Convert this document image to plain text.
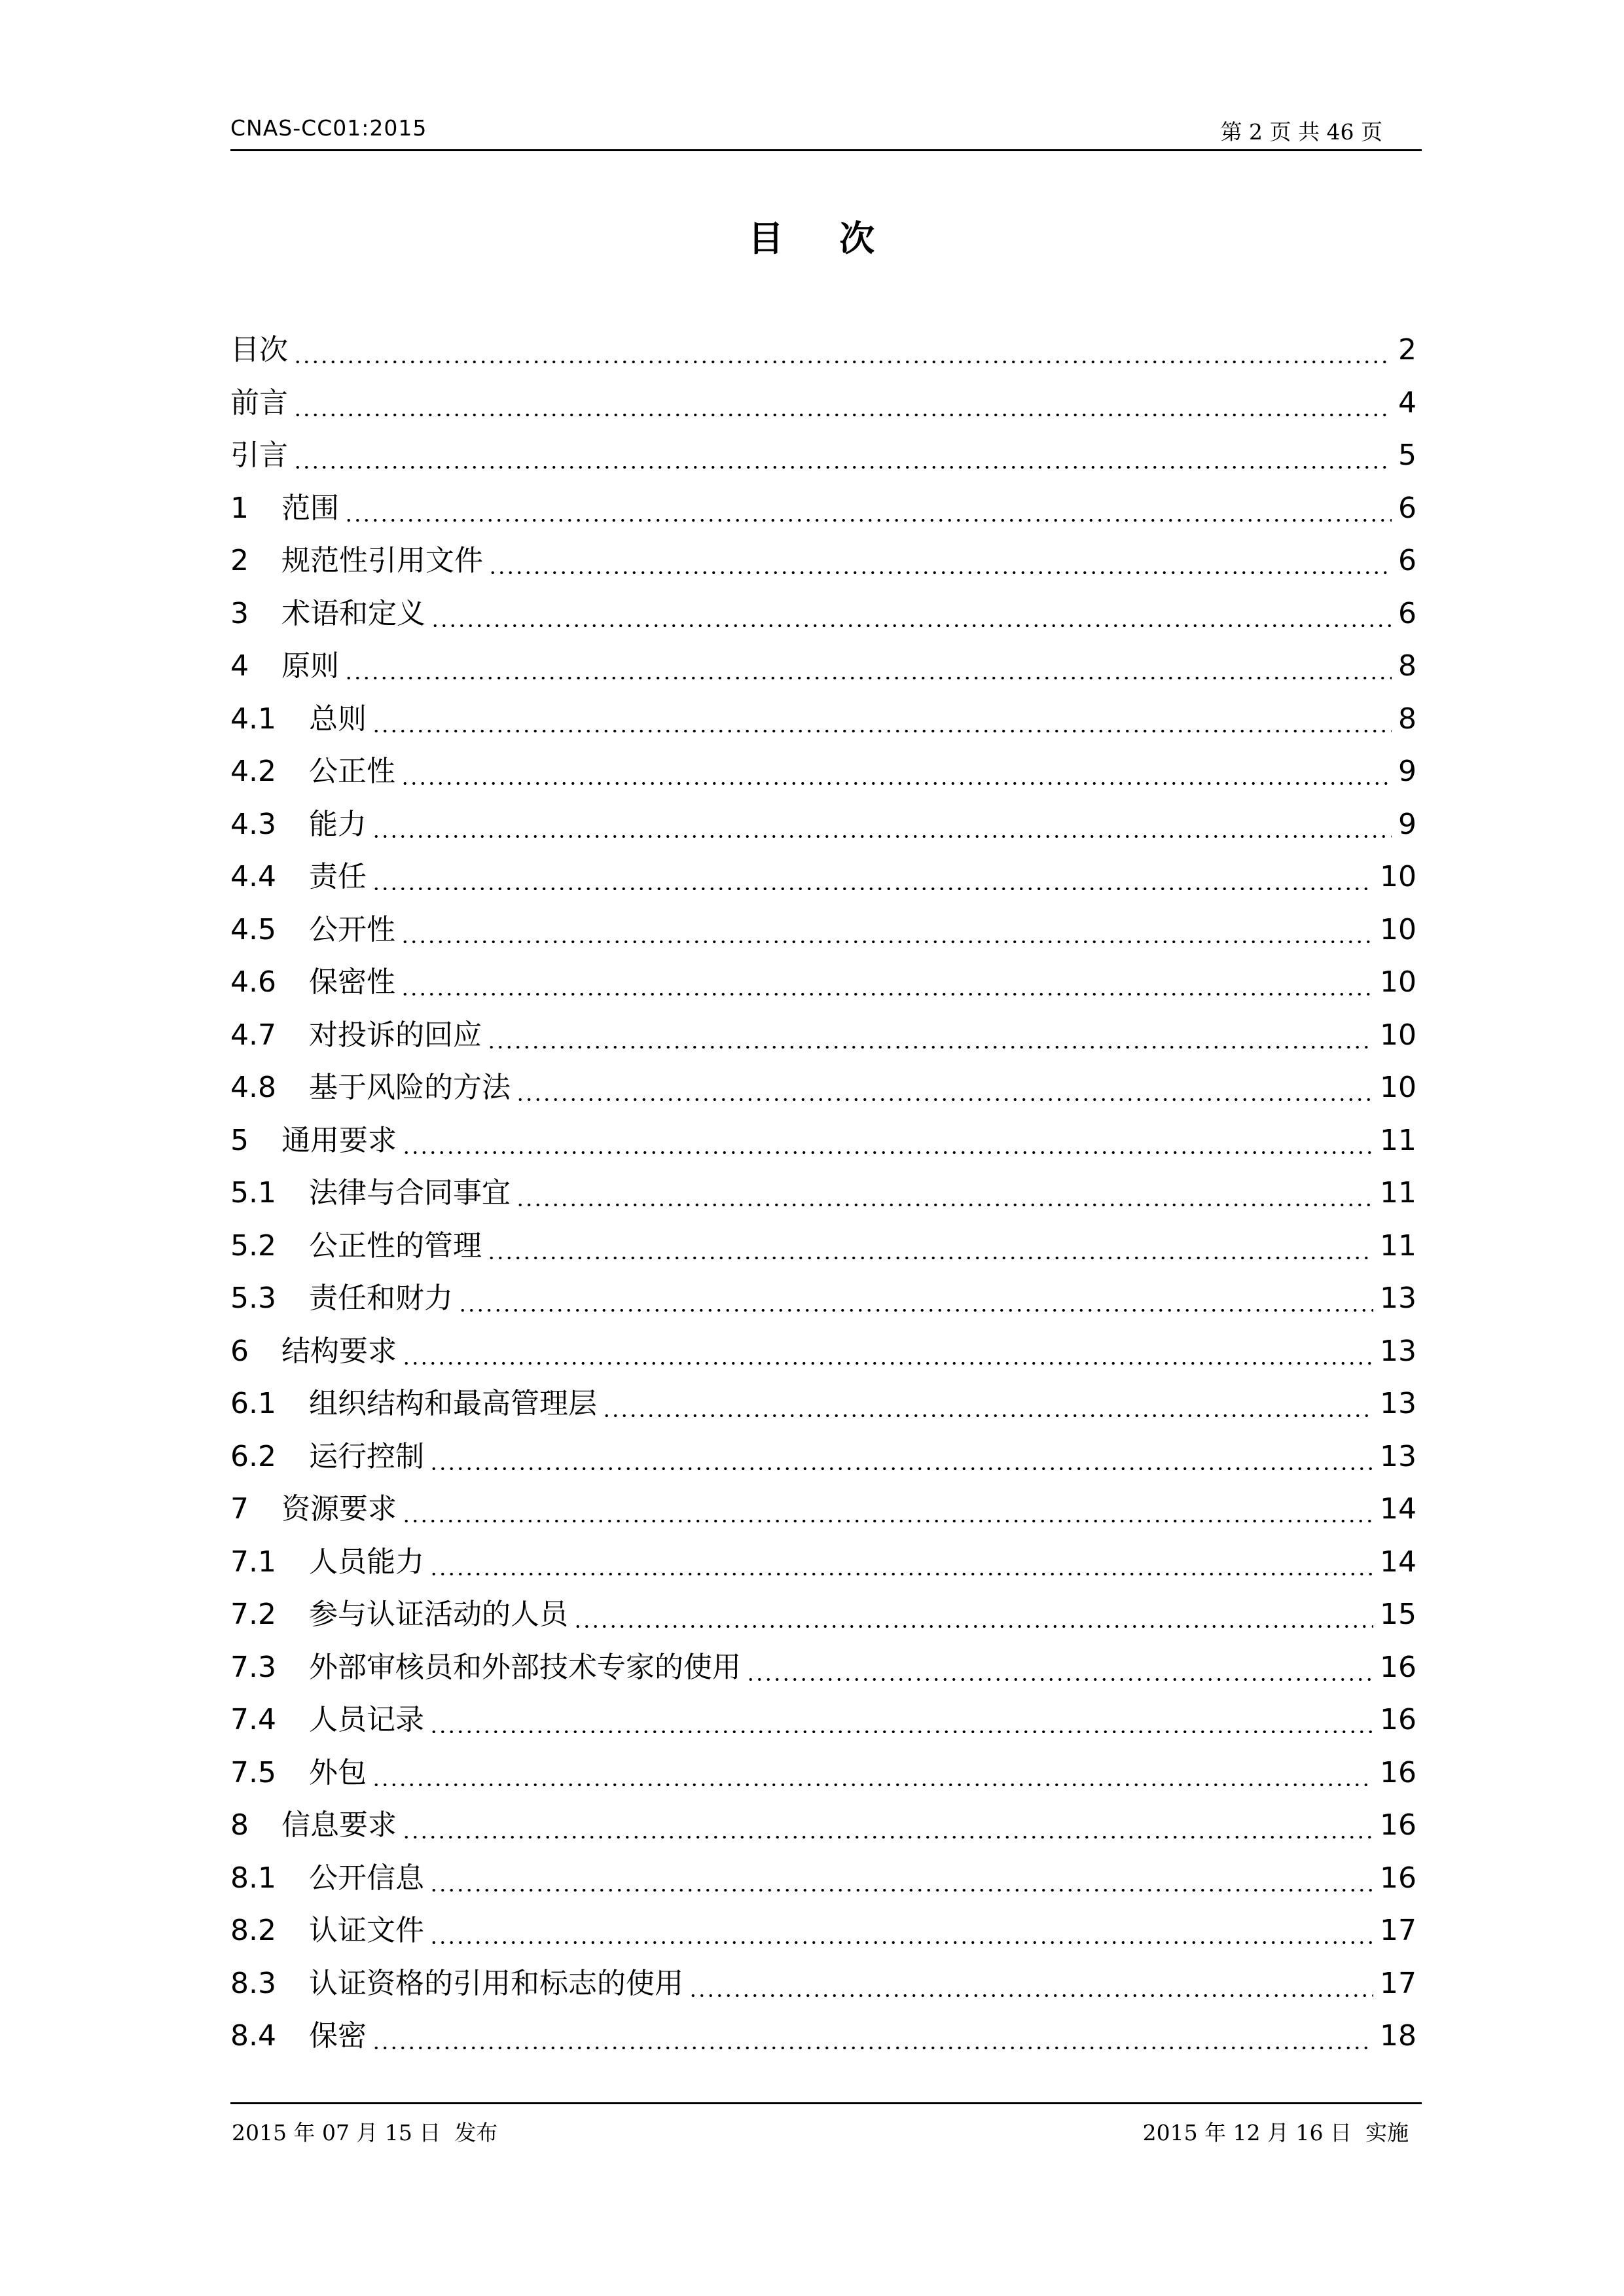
CNAS-CC01:2015	第 2 页 共 46 页
目    次
目次	2
前言	4
引言	5
1	范围	6
2	规范性引用文件	6
3	术语和定义	6
4	原则	8
4.1	总则	8
4.2	公正性	9
4.3	能力	9
4.4	责任	10
4.5	公开性	10
4.6	保密性	10
4.7	对投诉的回应	10
4.8	基于风险的方法	10
5	通用要求	11
5.1	法律与合同事宜	11
5.2	公正性的管理	11
5.3	责任和财力	13
6	结构要求	13
6.1	组织结构和最高管理层	13
6.2	运行控制	13
7	资源要求	14
7.1	人员能力	14
7.2	参与认证活动的人员	15
7.3	外部审核员和外部技术专家的使用	16
7.4	人员记录	16
7.5	外包	16
8	信息要求	16
8.1	公开信息	16
8.2	认证文件	17
8.3	认证资格的引用和标志的使用	17
8.4	保密	18
2015 年 07 月 15 日  发布	2015 年 12 月 16 日  实施
